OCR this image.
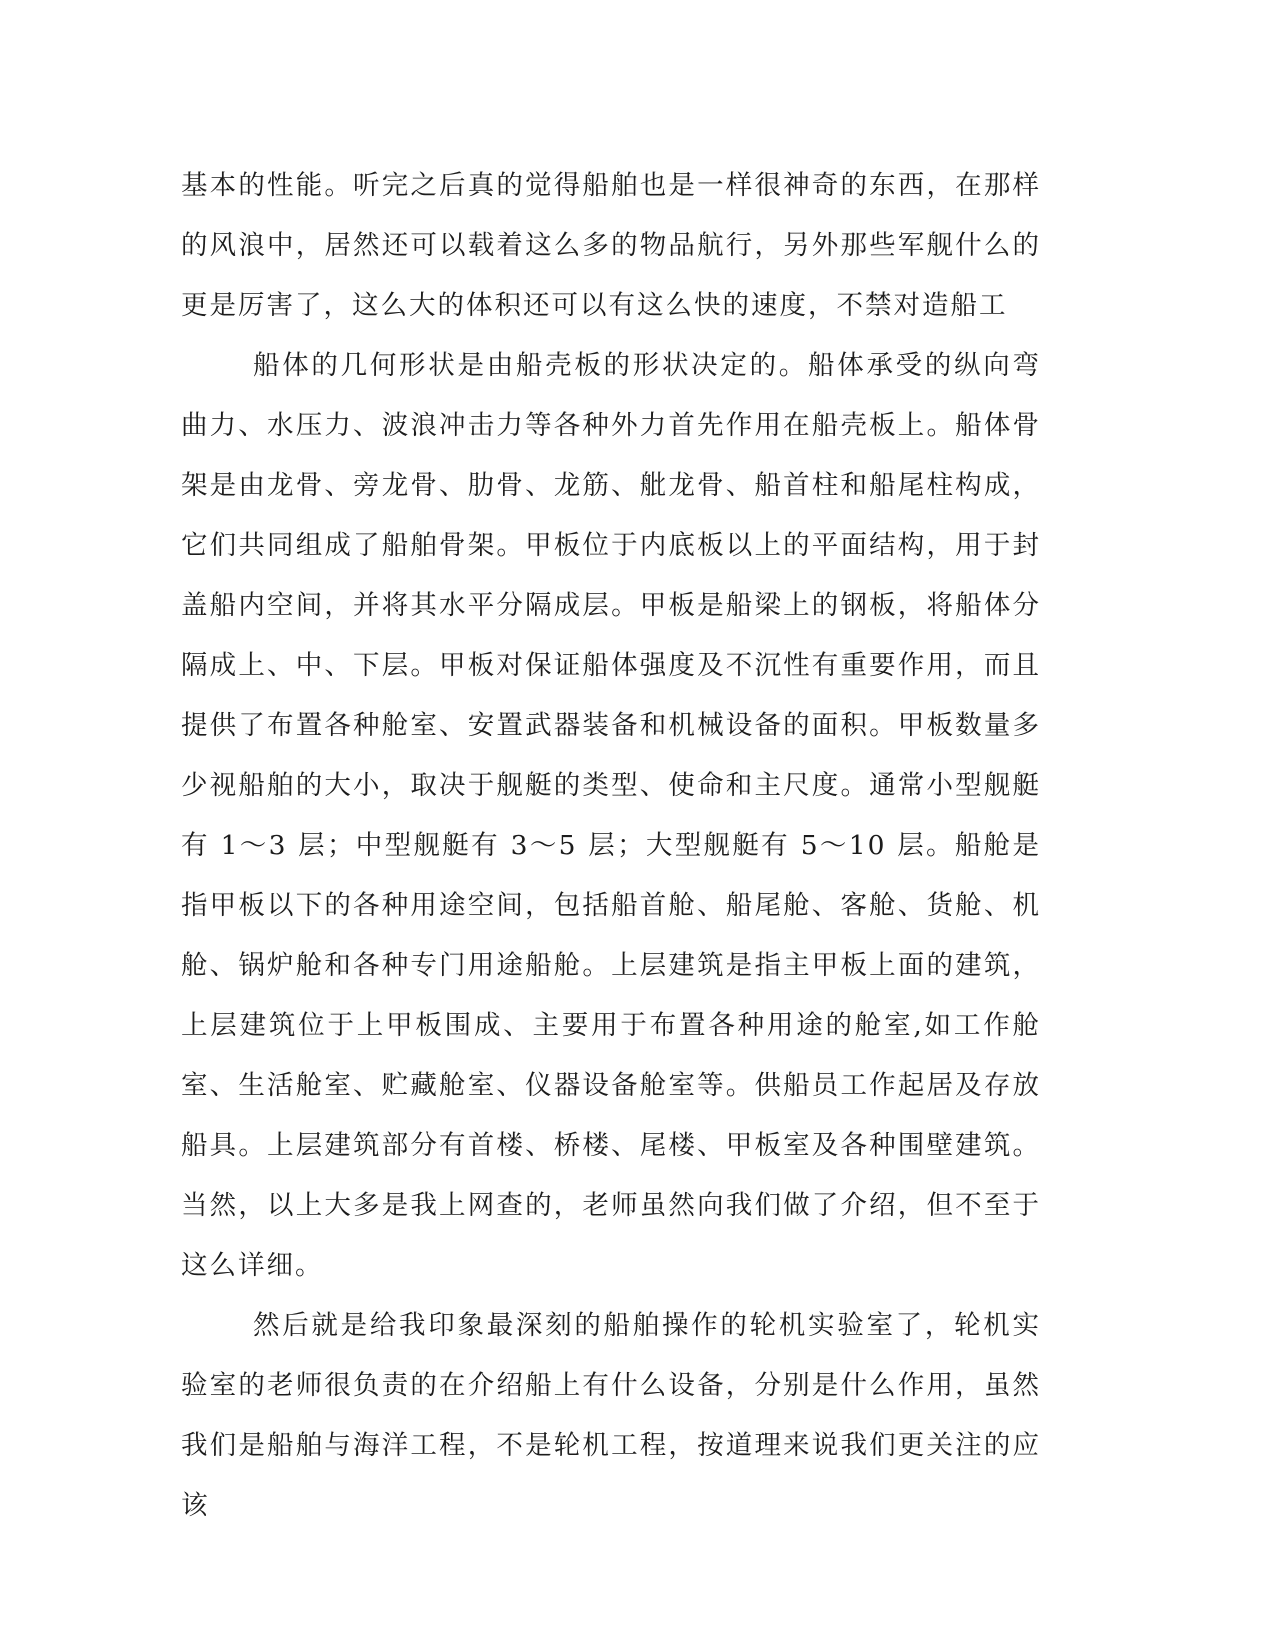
基本的性能。听完之后真的觉得船舶也是一样很神奇的东西，在那样的风浪中，居然还可以载着这么多的物品航行，另外那些军舰什么的更是厉害了，这么大的体积还可以有这么快的速度，不禁对造船工

船体的几何形状是由船壳板的形状决定的。船体承受的纵向弯曲力、水压力、波浪冲击力等各种外力首先作用在船壳板上。船体骨架是由龙骨、旁龙骨、肋骨、龙筋、舭龙骨、船首柱和船尾柱构成，它们共同组成了船舶骨架。甲板位于内底板以上的平面结构，用于封盖船内空间，并将其水平分隔成层。甲板是船梁上的钢板，将船体分隔成上、中、下层。甲板对保证船体强度及不沉性有重要作用，而且提供了布置各种舱室、安置武器装备和机械设备的面积。甲板数量多少视船舶的大小，取决于舰艇的类型、使命和主尺度。通常小型舰艇有 1～3 层；中型舰艇有 3～5 层；大型舰艇有 5～10 层。船舱是指甲板以下的各种用途空间，包括船首舱、船尾舱、客舱、货舱、机舱、锅炉舱和各种专门用途船舱。上层建筑是指主甲板上面的建筑，上层建筑位于上甲板围成、主要用于布置各种用途的舱室,如工作舱室、生活舱室、贮藏舱室、仪器设备舱室等。供船员工作起居及存放船具。上层建筑部分有首楼、桥楼、尾楼、甲板室及各种围壁建筑。当然，以上大多是我上网查的，老师虽然向我们做了介绍，但不至于这么详细。

然后就是给我印象最深刻的船舶操作的轮机实验室了，轮机实验室的老师很负责的在介绍船上有什么设备，分别是什么作用，虽然我们是船舶与海洋工程，不是轮机工程，按道理来说我们更关注的应该
